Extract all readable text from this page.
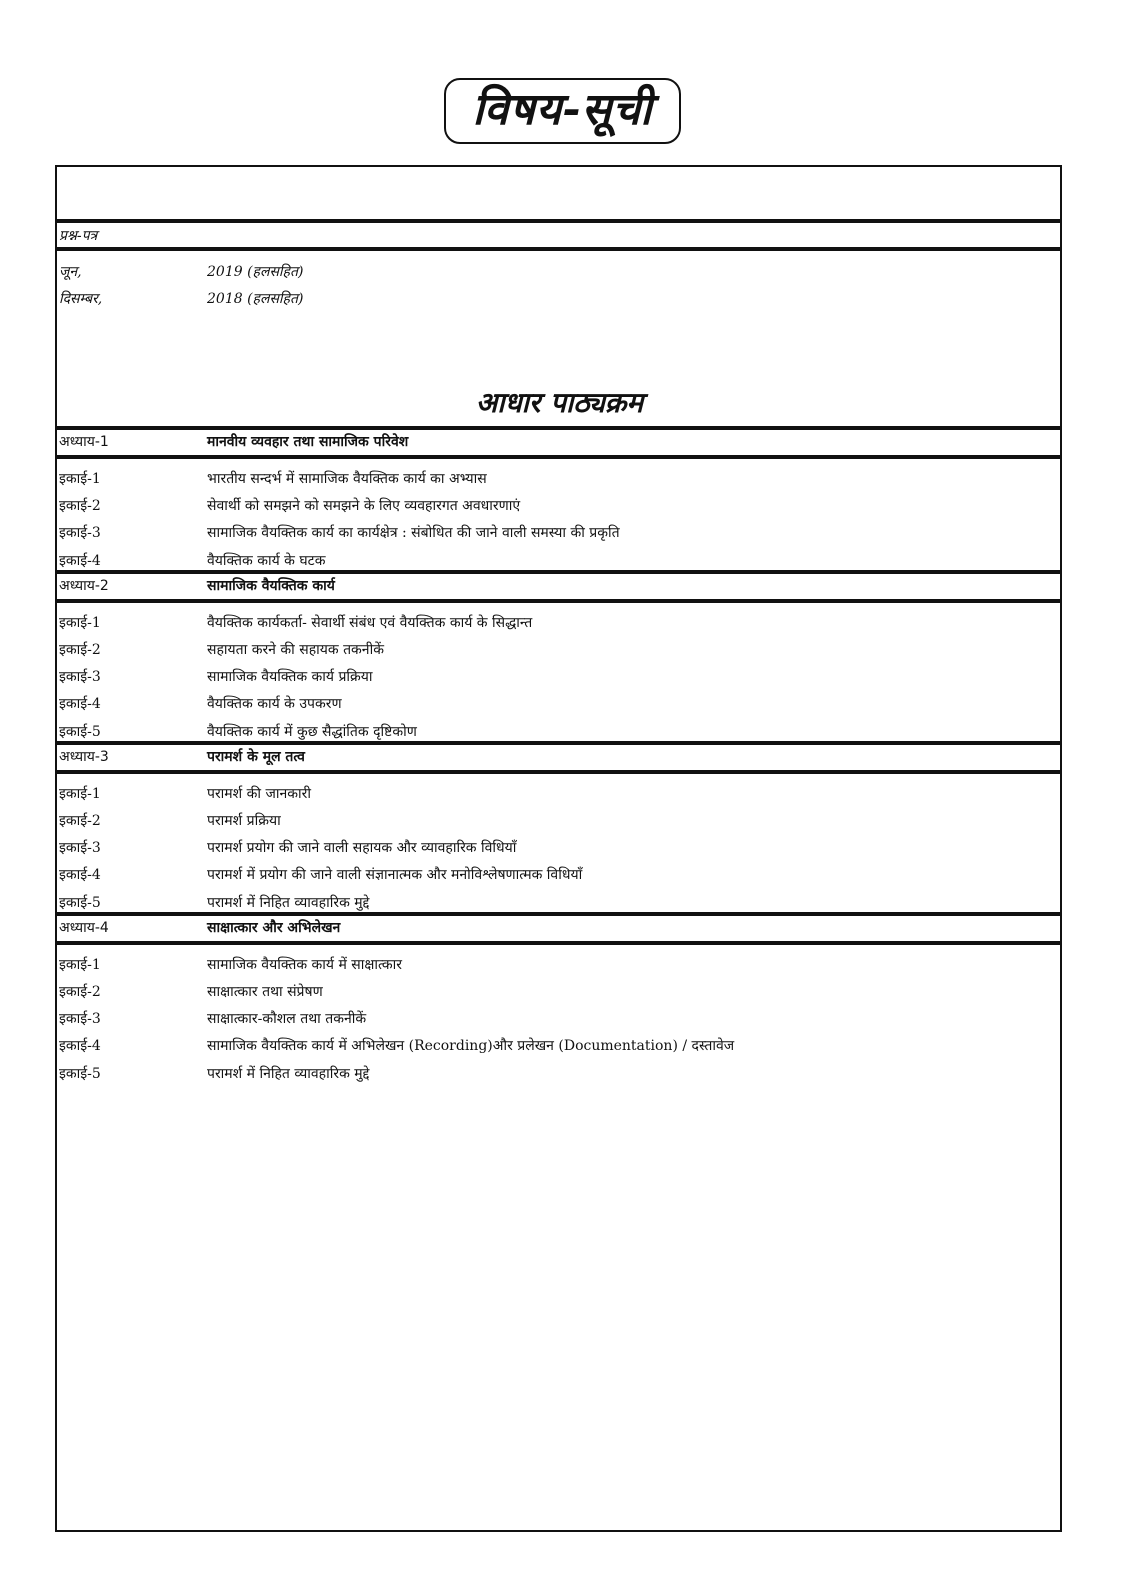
विषय-सूची
प्रश्न-पत्र
जून,	2019 (हलसहित)
दिसम्बर,	2018 (हलसहित)
आधार पाठ्यक्रम
अध्याय-1	मानवीय व्यवहार तथा सामाजिक परिवेश
इकाई-1	भारतीय सन्दर्भ में सामाजिक वैयक्तिक कार्य का अभ्यास
इकाई-2	सेवार्थी को समझने को समझने के लिए व्यवहारगत अवधारणाएं
इकाई-3	सामाजिक वैयक्तिक कार्य का कार्यक्षेत्र : संबोधित की जाने वाली समस्या की प्रकृति
इकाई-4	वैयक्तिक कार्य के घटक
अध्याय-2	सामाजिक वैयक्तिक कार्य
इकाई-1	वैयक्तिक कार्यकर्ता- सेवार्थी संबंध एवं वैयक्तिक कार्य के सिद्धान्त
इकाई-2	सहायता करने की सहायक तकनीकें
इकाई-3	सामाजिक वैयक्तिक कार्य प्रक्रिया
इकाई-4	वैयक्तिक कार्य के उपकरण
इकाई-5	वैयक्तिक कार्य में कुछ सैद्धांतिक दृष्टिकोण
अध्याय-3	परामर्श के मूल तत्व
इकाई-1	परामर्श की जानकारी
इकाई-2	परामर्श प्रक्रिया
इकाई-3	परामर्श प्रयोग की जाने वाली सहायक और व्यावहारिक विधियाँ
इकाई-4	परामर्श में प्रयोग की जाने वाली संज्ञानात्मक और मनोविश्लेषणात्मक विधियाँ
इकाई-5	परामर्श में निहित व्यावहारिक मुद्दे
अध्याय-4	साक्षात्कार और अभिलेखन
इकाई-1	सामाजिक वैयक्तिक कार्य में साक्षात्कार
इकाई-2	साक्षात्कार तथा संप्रेषण
इकाई-3	साक्षात्कार-कौशल तथा तकनीकें
इकाई-4	सामाजिक वैयक्तिक कार्य में अभिलेखन (Recording)और प्रलेखन (Documentation) / दस्तावेज
इकाई-5	परामर्श में निहित व्यावहारिक मुद्दे
